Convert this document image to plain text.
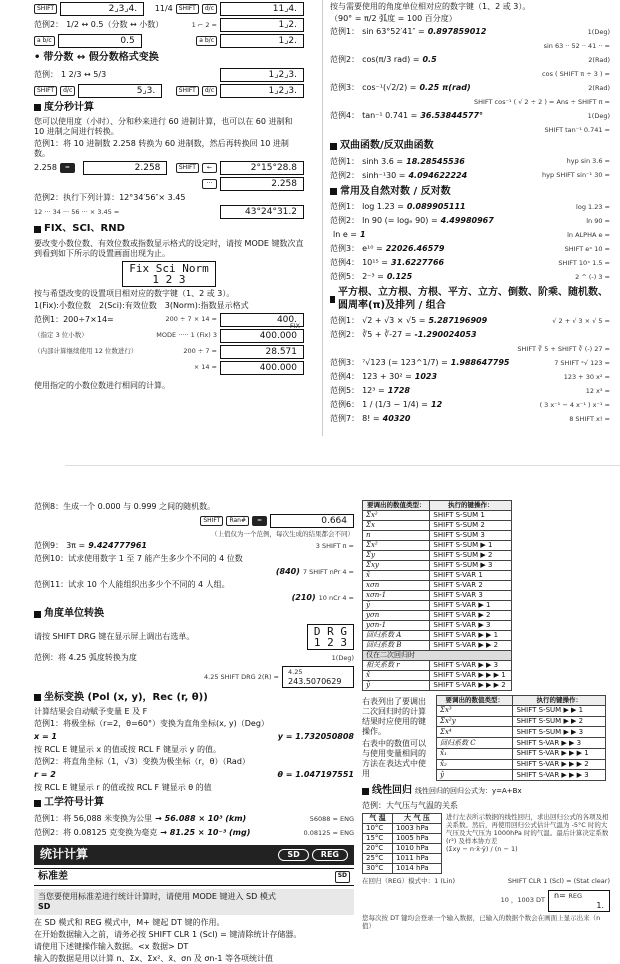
SHIFT	2⌟3⌟4.	11/4	SHIFT	d/c	11⌟4.
范例2： 1/2 ↔ 0.5（分数 ↔ 小数）	1 ⌐ 2 =	1⌟2.
a b/c	0.5	a b/c	1⌟2.
• 带分数 ↔ 假分数格式变换
范例： 1 2/3 ↔ 5/3	1⌟2⌟3.
SHIFT	d/c	5⌟3.	SHIFT	d/c	1⌟2⌟3.
度分秒计算
您可以使用度（小时）、分和秒来进行 60 进制计算，也可以在 60 进制和 10 进制之间进行转换。
范例1：将 10 进制数 2.258 转换为 60 进制数，然后再转换回 10 进制数。
2.258	=	2.258	SHIFT	←	2°15°28.8
···	2.258
范例2：执行下列计算：12°34′56″× 3.45
12 ··· 34 ··· 56 ··· × 3.45 =	43°24°31.2
FIX、SCI、RND
要改变小数位数、有效位数或指数显示格式的设定时，请按 MODE 键数次直到看到如下所示的设置画面出现为止。
Fix Sci Norm
1 2 3
按与希望改变的设置项目相对应的数字键（1、2 或 3）。
1(Fix):小数位数　2(Sci):有效位数　3(Norm):指数显示格式
范例1：200÷7×14=	200 ÷ 7 × 14 =	400.
（指定 3 位小数）	MODE ····· 1 (Fix) 3
FIX
400.000
（内部计算继续使用 12 位数进行）	200 ÷ 7 =	28.571
× 14 =	400.000
使用指定的小数位数进行相同的计算。
按与需要使用的角度单位相对应的数字键（1、2 或 3）。
（90° = π/2 弧度 = 100 百分度）
范例1： sin 63°52′41″ = 0.897859012	1(Deg)
sin 63 ·· 52 ·· 41 ·· =
范例2： cos(π/3 rad) = 0.5	2(Rad)
cos ( SHIFT π ÷ 3 ) =
范例3： cos⁻¹(√2/2) = 0.25 π(rad)	2(Rad)
SHIFT cos⁻¹ ( √ 2 ÷ 2 ) = Ans ÷ SHIFT π =
范例4： tan⁻¹ 0.741 = 36.53844577°	1(Deg)
SHIFT tan⁻¹ 0.741 =
双曲函数/反双曲函数
范例1： sinh 3.6 = 18.28545536	hyp sin 3.6 =
范例2： sinh⁻¹30 = 4.094622224	hyp SHIFT sin⁻¹ 30 =
常用及自然对数 / 反对数
范例1： log 1.23 = 0.089905111	log 1.23 =
范例2： ln 90 (= logₑ 90) = 4.49980967	ln 90 =
ln e = 1	ln ALPHA e =
范例3： e¹⁰ = 22026.46579	SHIFT eˣ 10 =
范例4： 10¹⁵ = 31.6227766	SHIFT 10ˣ 1.5 =
范例5： 2⁻³ = 0.125	2 ^ (-) 3 =
平方根、立方根、方根、平方、立方、倒数、阶乘、随机数、圆周率(π)及排列 / 组合
范例1： √2 + √3 × √5 = 5.287196909	√ 2 + √ 3 × √ 5 =
范例2： ∛5 + ∛-27 = -1.290024053
SHIFT ∛ 5 + SHIFT ∛ (-) 27 =
范例3： ⁷√123 (= 123^1/7) = 1.988647795	7 SHIFT ˣ√ 123 =
范例4： 123 + 30² = 1023	123 + 30 x² =
范例5： 12³ = 1728	12 x³ =
范例6： 1 / (1/3 − 1/4) = 12	( 3 x⁻¹ − 4 x⁻¹ ) x⁻¹ =
范例7： 8! = 40320	8 SHIFT x! =
范例8：生成一个 0.000 与 0.999 之间的随机数。
SHIFT	Ran#	=	0.664
（上值仅为一个范例，每次生成的结果都会不同）
范例9： 3π = 9.424777961	3 SHIFT π =
范例10：试求使用数字 1 至 7 能产生多少个不同的 4 位数
(840) 7 SHIFT nPr 4 =
范例11：试求 10 个人能组织出多少个不同的 4 人组。
(210) 10 nCr 4 =
角度单位转换
请按 SHIFT DRG 键在显示屏上调出右选单。	D R G
1 2 3
范例：将 4.25 弧度转换为度	1(Deg)
4.25 SHIFT DRG 2(R) =
4.25
243.5070629
坐标变换 (Pol (x, y)，Rec (r, θ))
计算结果会自动赋予变量 E 及 F
范例1：将极坐标（r=2，θ=60°）变换为直角坐标(x, y)（Deg）
x = 1	y = 1.732050808
按 RCL E 键显示 x 的值或按 RCL F 键显示 y 的值。
范例2：将直角坐标（1，√3）变换为极坐标（r，θ）（Rad）
r = 2	θ = 1.047197551
按 RCL E 键显示 r 的值或按 RCL F 键显示 θ 的值
工学符号计算
范例1：将 56,088 米变换为公里 → 56.088 × 10³ (km)	56088 = ENG
范例2：将 0.08125 克变换为毫克 → 81.25 × 10⁻³ (mg)	0.08125 = ENG
统计计算	SD	REG
标准差	SD
当您要使用标准差进行统计计算时，请使用 MODE 键进入 SD 模式
SD
在 SD 模式和 REG 模式中，M+ 键起 DT 键的作用。
在开始数据输入之前，请务必按 SHIFT CLR 1 (Scl) = 键清除统计存储器。
请使用下述键操作输入数据。<x 数据> DT
输入的数据是用以计算 n、Σx、Σx²、x̄、σn 及 σn-1 等各项统计值
要调出的数值类型：	执行的键操作：
Σx²	SHIFT S-SUM 1
Σx	SHIFT S-SUM 2
n	SHIFT S-SUM 3
Σx²	SHIFT S-SUM ▶ 1
Σy	SHIFT S-SUM ▶ 2
Σxy	SHIFT S-SUM ▶ 3
x̄	SHIFT S-VAR 1
xσn	SHIFT S-VAR 2
xσn-1	SHIFT S-VAR 3
ȳ	SHIFT S-VAR ▶ 1
yσn	SHIFT S-VAR ▶ 2
yσn-1	SHIFT S-VAR ▶ 3
回归系数 A	SHIFT S-VAR ▶ ▶ 1
回归系数 B	SHIFT S-VAR ▶ ▶ 2
仅在二次回归时	
相关系数 r	SHIFT S-VAR ▶ ▶ 3
x̂	SHIFT S-VAR ▶ ▶ ▶ 1
ŷ	SHIFT S-VAR ▶ ▶ ▶ 2
右表列出了要调出二次回归时的计算结果时应使用的键操作。
右表中的数值可以与使用变量相同的方法在表达式中使用
要调出的数值类型：	执行的键操作：
Σx³	SHIFT S-SUM ▶ ▶ 1
Σx²y	SHIFT S-SUM ▶ ▶ 2
Σx⁴	SHIFT S-SUM ▶ ▶ 3
回归系数 C	SHIFT S-VAR ▶ ▶ 3
x̂₁	SHIFT S-VAR ▶ ▶ ▶ 1
x̂₂	SHIFT S-VAR ▶ ▶ ▶ 2
ŷ	SHIFT S-VAR ▶ ▶ ▶ 3
线性回归 线性回归的回归公式为：y=A+Bx
范例：大气压与气温的关系
气 温	大 气 压
10°C	1003 hPa
15°C	1005 hPa
20°C	1010 hPa
25°C	1011 hPa
30°C	1014 hPa
进行左表所示数据的线性回归，求出回归公式的各项及相关系数。然后，再使用回归公式估计气温为 -5°C 时的大气压及大气压为 1000hPa 时的气温。最后计算决定系数 (r²) 及样本协方差
(Σxy − n·x̄·ȳ) / (n − 1)
在回归（REG）模式中：1 (Lin)	SHIFT CLR 1 (Scl) = (Stat clear)
10 ，1003 DT
n= REG
1.
您每次按 DT 键均会登录一个输入数据，已输入的数据个数会在画面上显示出来（n 值）
